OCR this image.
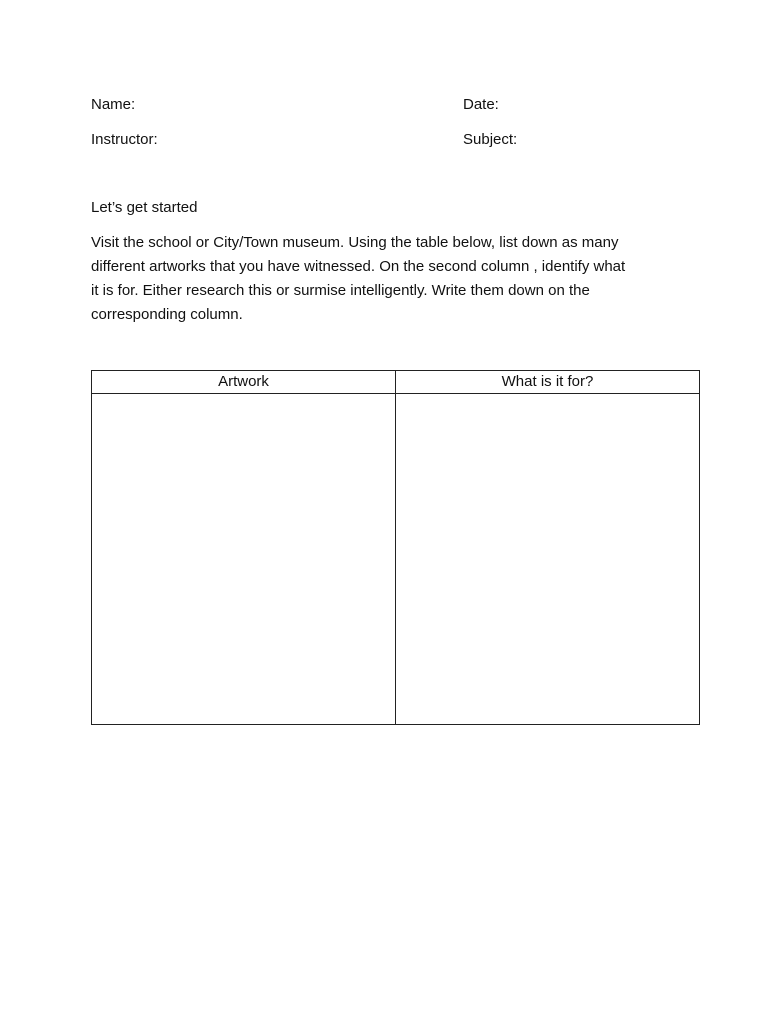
Name:	Date:
Instructor:	Subject:
Let’s get started

Visit the school or City/Town museum. Using the table below, list down as many
different artworks that you have witnessed. On the second column , identify what
it is for. Either research this or surmise intelligently. Write them down on the
corresponding column.

Artwork	What is it for?
